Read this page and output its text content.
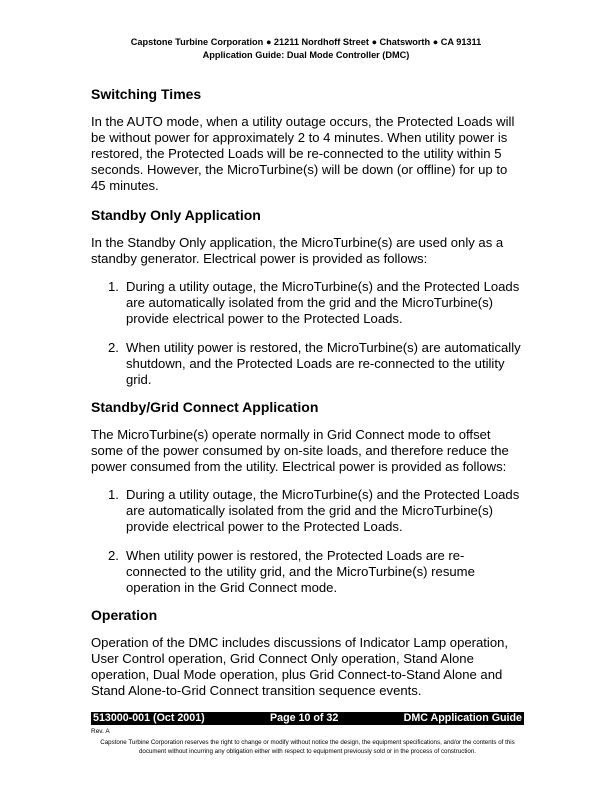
Capstone Turbine Corporation ● 21211 Nordhoff Street ● Chatsworth ● CA 91311
Application Guide: Dual Mode Controller (DMC)
Switching Times

In the AUTO mode, when a utility outage occurs, the Protected Loads will be without power for approximately 2 to 4 minutes. When utility power is restored, the Protected Loads will be re-connected to the utility within 5 seconds. However, the MicroTurbine(s) will be down (or offline) for up to 45 minutes.

Standby Only Application

In the Standby Only application, the MicroTurbine(s) are used only as a standby generator. Electrical power is provided as follows:

1. During a utility outage, the MicroTurbine(s) and the Protected Loads are automatically isolated from the grid and the MicroTurbine(s) provide electrical power to the Protected Loads.
2. When utility power is restored, the MicroTurbine(s) are automatically shutdown, and the Protected Loads are re-connected to the utility grid.
Standby/Grid Connect Application

The MicroTurbine(s) operate normally in Grid Connect mode to offset some of the power consumed by on-site loads, and therefore reduce the power consumed from the utility. Electrical power is provided as follows:

1. During a utility outage, the MicroTurbine(s) and the Protected Loads are automatically isolated from the grid and the MicroTurbine(s) provide electrical power to the Protected Loads.
2. When utility power is restored, the Protected Loads are re-connected to the utility grid, and the MicroTurbine(s) resume operation in the Grid Connect mode.
Operation

Operation of the DMC includes discussions of Indicator Lamp operation, User Control operation, Grid Connect Only operation, Stand Alone operation, Dual Mode operation, plus Grid Connect-to-Stand Alone and Stand Alone-to-Grid Connect transition sequence events.

513000-001 (Oct 2001)	Page 10 of 32	DMC Application Guide
Rev. A
Capstone Turbine Corporation reserves the right to change or modify without notice the design, the equipment specifications, and/or the contents of this document without incurring any obligation either with respect to equipment previously sold or in the process of construction.
